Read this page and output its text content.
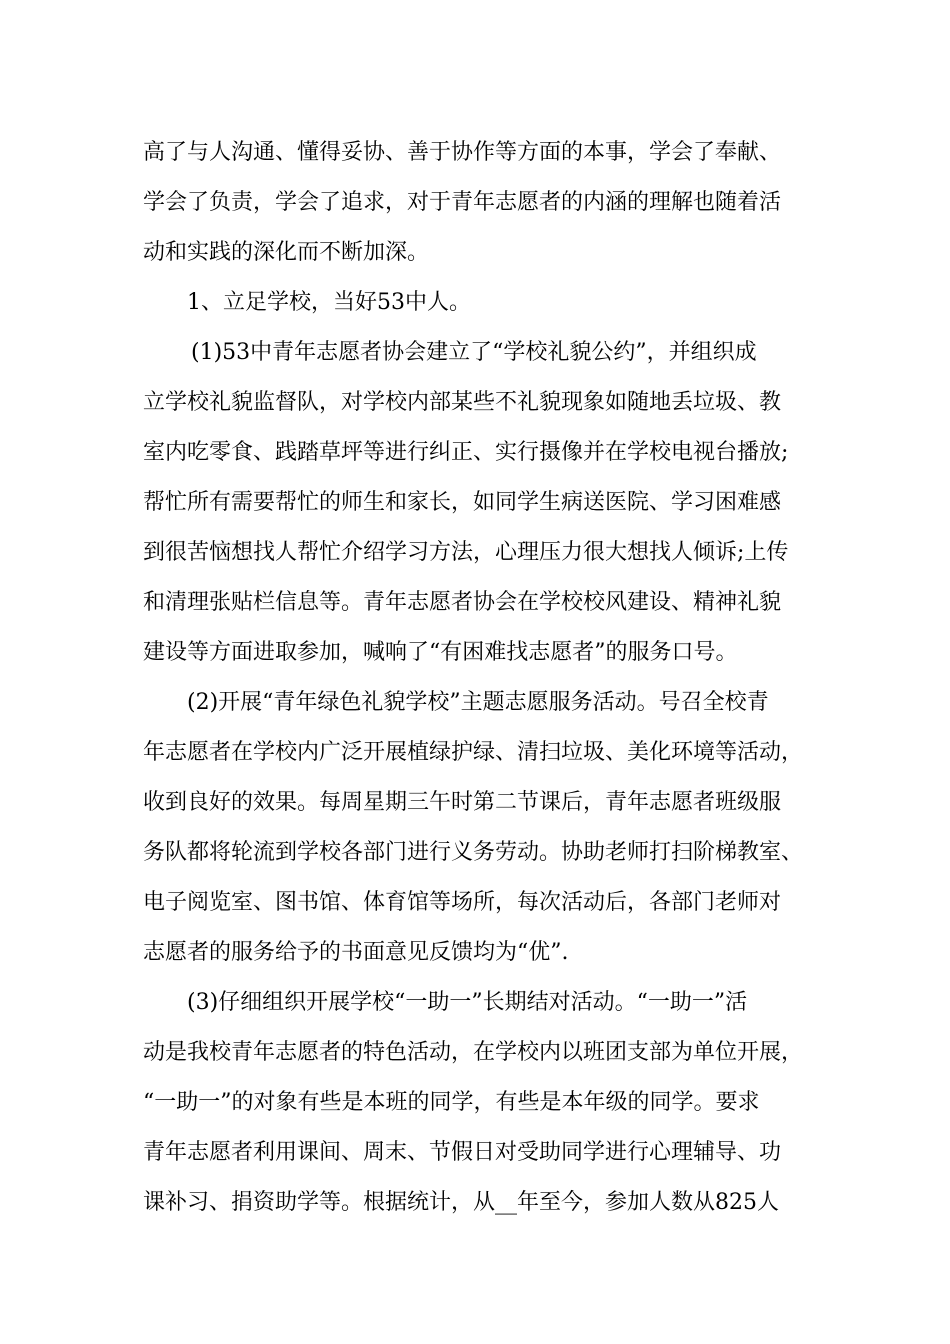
高了与人沟通、懂得妥协、善于协作等方面的本事，学会了奉献、

学会了负责，学会了追求，对于青年志愿者的内涵的理解也随着活

动和实践的深化而不断加深。

1、立足学校，当好53中人。

(1)53中青年志愿者协会建立了“学校礼貌公约”，并组织成

立学校礼貌监督队，对学校内部某些不礼貌现象如随地丢垃圾、教

室内吃零食、践踏草坪等进行纠正、实行摄像并在学校电视台播放;

帮忙所有需要帮忙的师生和家长，如同学生病送医院、学习困难感

到很苦恼想找人帮忙介绍学习方法，心理压力很大想找人倾诉;上传

和清理张贴栏信息等。青年志愿者协会在学校校风建设、精神礼貌

建设等方面进取参加，喊响了“有困难找志愿者”的服务口号。

(2)开展“青年绿色礼貌学校”主题志愿服务活动。号召全校青

年志愿者在学校内广泛开展植绿护绿、清扫垃圾、美化环境等活动，

收到良好的效果。每周星期三午时第二节课后，青年志愿者班级服

务队都将轮流到学校各部门进行义务劳动。协助老师打扫阶梯教室、

电子阅览室、图书馆、体育馆等场所，每次活动后，各部门老师对

志愿者的服务给予的书面意见反馈均为“优”.

(3)仔细组织开展学校“一助一”长期结对活动。“一助一”活

动是我校青年志愿者的特色活动，在学校内以班团支部为单位开展，

“一助一”的对象有些是本班的同学，有些是本年级的同学。要求

青年志愿者利用课间、周末、节假日对受助同学进行心理辅导、功

课补习、捐资助学等。根据统计，从__年至今，参加人数从825人
